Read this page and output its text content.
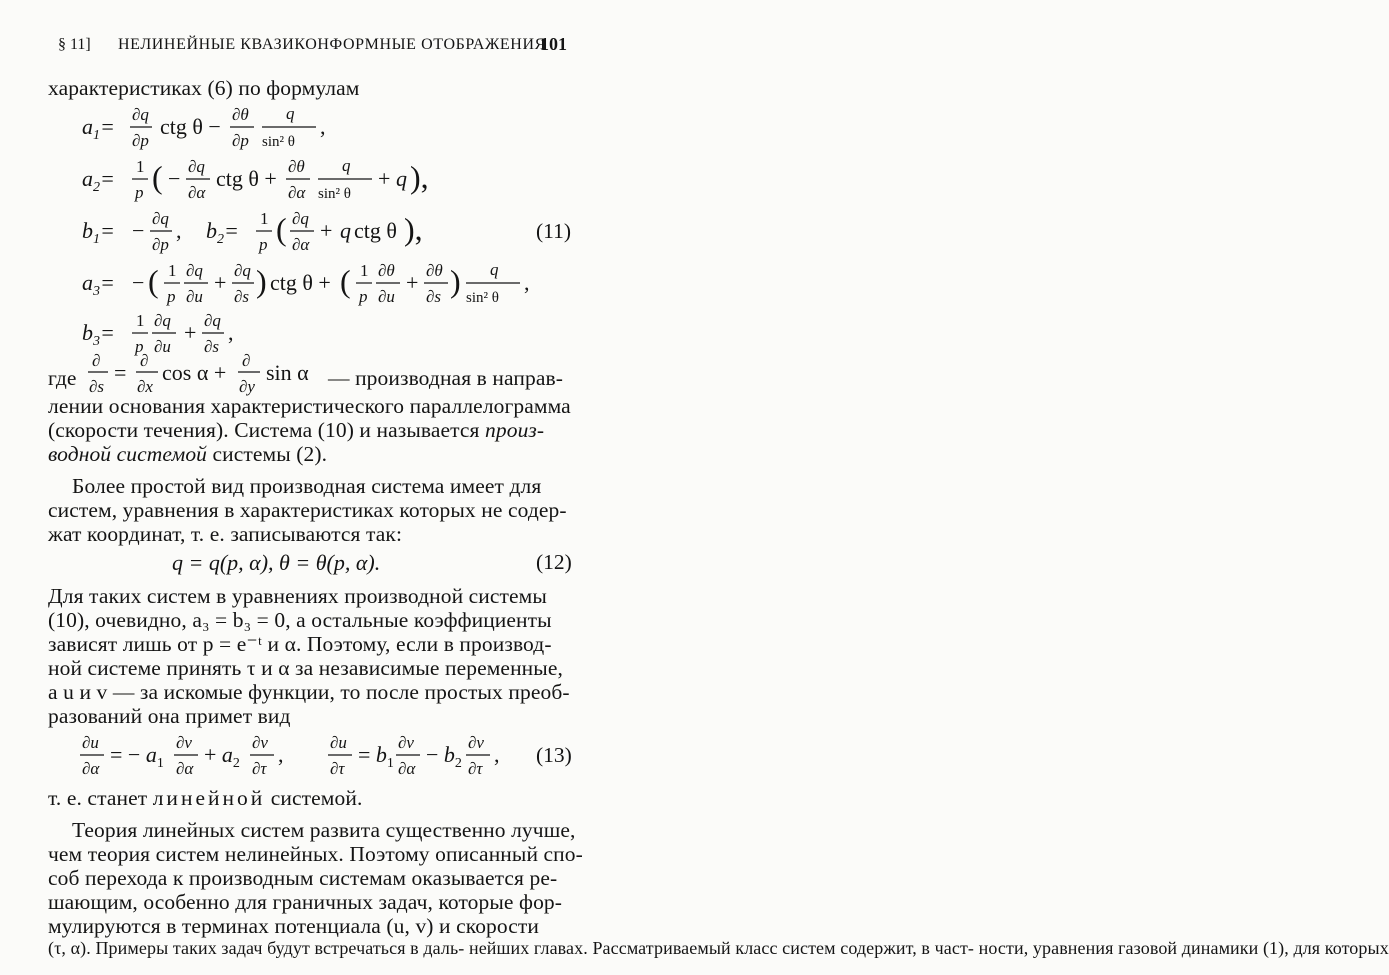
§ 11] НЕЛИНЕЙНЫЕ КВАЗИКОНФОРМНЫЕ ОТОБРАЖЕНИЯ
101
характеристиках (6) по формулам
$a_1= \partial q$
∂p
ctg θ − ∂θ
∂p
q
sin² θ
,
$a_2= 1$
p ( − ∂q
∂α
ctg θ + ∂θ
∂α
q
sin² θ
+ q ),
$b_1= - \partial q$
∂p
, $b_2= 1$
p ( ∂q
∂α
+ q ctg θ ),	(11)
$a_3=$ − ( 1
p
∂q
∂u
+ ∂q
∂s ) ctg θ + ( 1
p
∂θ
∂u
+ ∂θ
∂s ) q
sin² θ
,
$b_3= 1$
p
∂q
∂u
+ ∂q
∂s
,
где
∂
∂s
= ∂
∂x
cos α + ∂
∂y
sin α — производная в направ-
лении основания характеристического параллелограмма
(скорости течения). Система (10) и называется произ-
водной системой системы (2).
Более простой вид производная система имеет для
систем, уравнения в характеристиках которых не содер-
жат координат, т. е. записываются так:
q = q(p, α), θ = θ(p, α).	(12)
Для таких систем в уравнениях производной системы
(10), очевидно, a₃ = b₃ = 0, а остальные коэффициенты
зависят лишь от p = e⁻ᵗ и α. Поэтому, если в производ-
ной системе принять τ и α за независимые переменные,
a u и v — за искомые функции, то после простых преоб-
разований она примет вид
∂u
∂α
= − $a_1$
∂v
∂α
+ $a_2$
∂v
∂τ
,	∂u
∂τ
= $b_1$
∂v
∂α
− $b_2$
∂v
∂τ
, (13)
т. е. станет линейной системой.
Теория линейных систем развита существенно лучше,
чем теория систем нелинейных. Поэтому описанный спо-
соб перехода к производным системам оказывается ре-
шающим, особенно для граничных задач, которые фор-
мулируются в терминах потенциала (u, v) и скорости
(τ, α). Примеры таких задач будут встречаться в даль- нейших главах. Рассматриваемый класс систем содержит, в част- ности, уравнения газовой динамики (1), для которых
